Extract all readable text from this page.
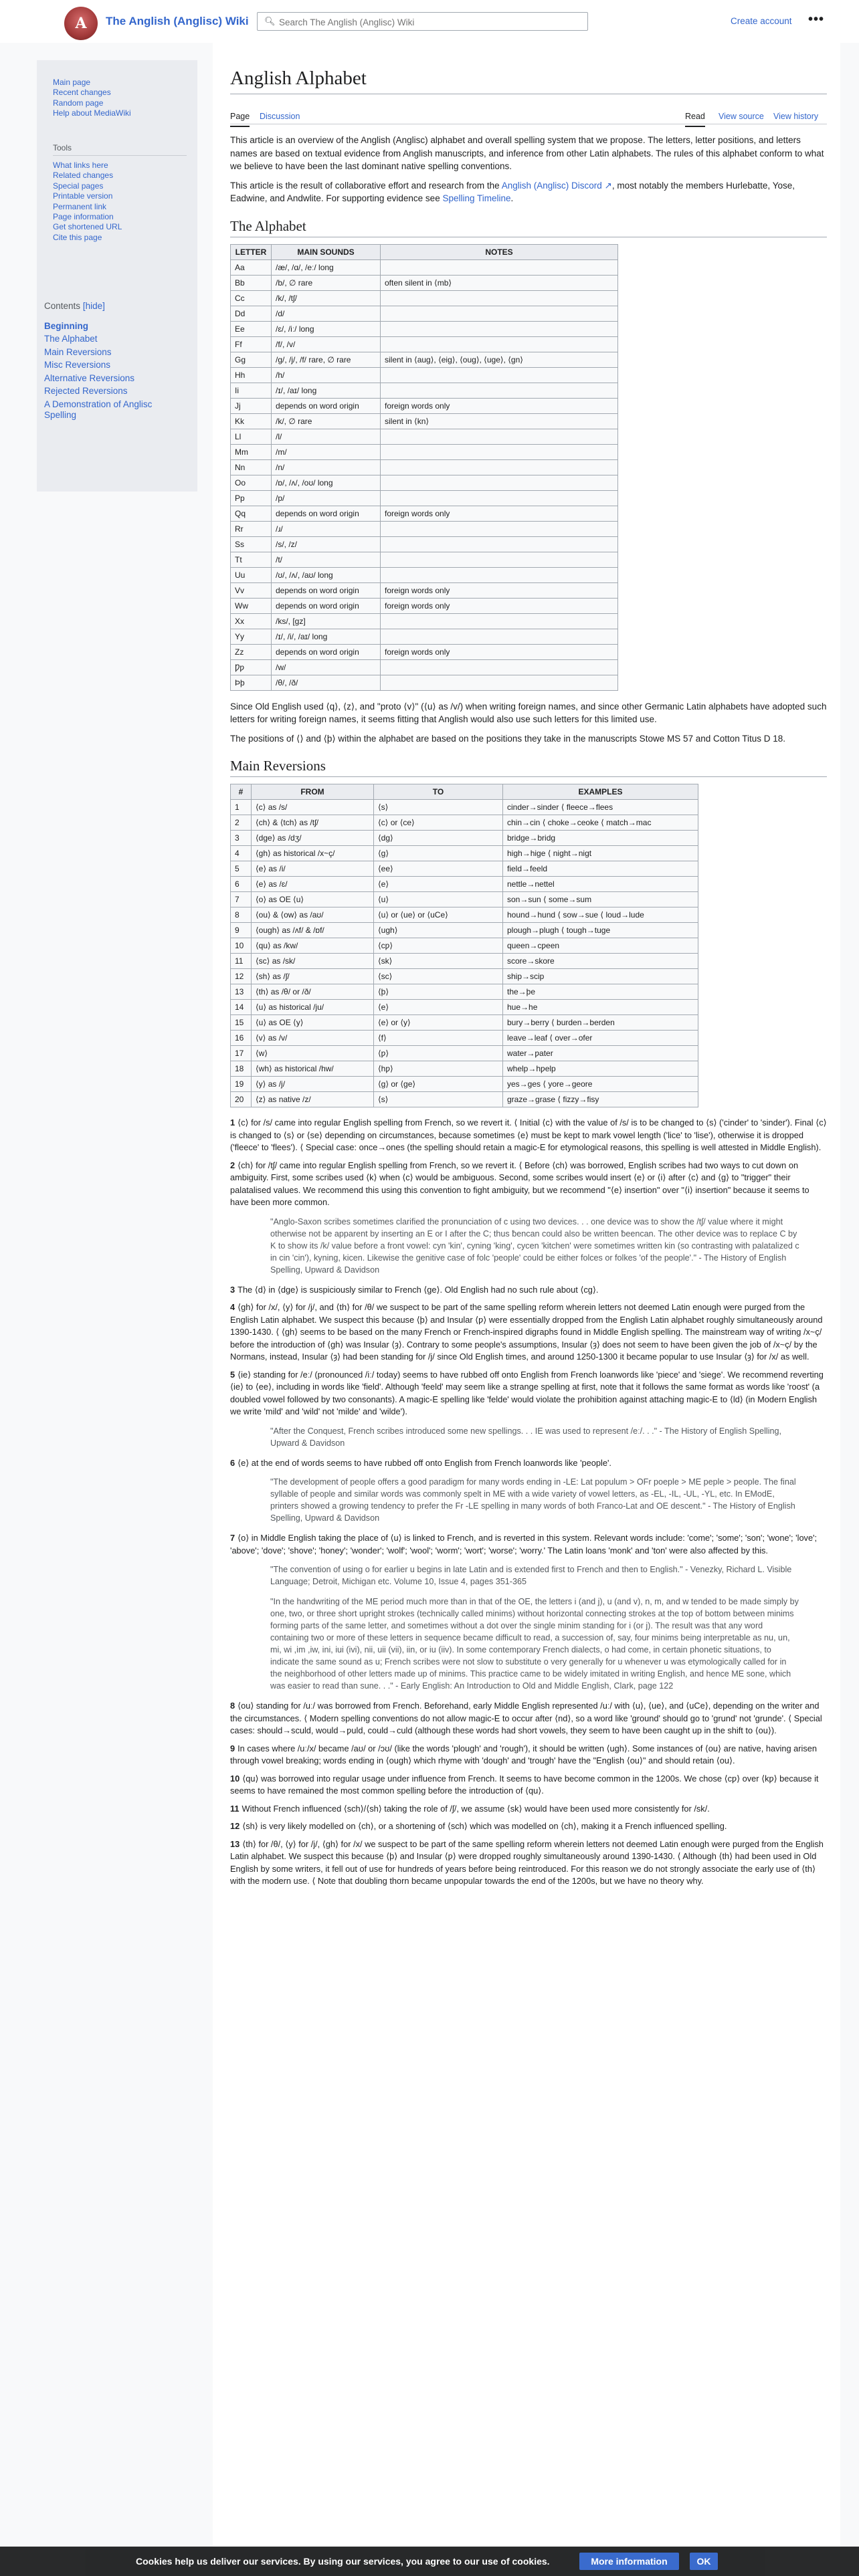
A	The Anglish (Anglisc) Wiki 🔍︎
Search The Anglish (Anglisc) Wiki	Create account •••
Main page
Recent changes
Random page
Help about MediaWiki
Tools
What links here
Related changes
Special pages
Printable version
Permanent link
Page information
Get shortened URL
Cite this page
Contents [hide]
Beginning
The Alphabet
Main Reversions
Misc Reversions
Alternative Reversions
Rejected Reversions
A Demonstration of Anglisc Spelling
Anglish Alphabet
Page Discussion	Read View source View history

This article is an overview of the Anglish (Anglisc) alphabet and overall spelling system that we propose. The letters, letter positions, and letters names are based on textual evidence from Anglish manuscripts, and inference from other Latin alphabets. The rules of this alphabet conform to what we believe to have been the last dominant native spelling conventions.

This article is the result of collaborative effort and research from the Anglish (Anglisc) Discord ↗, most notably the members Hurlebatte, Yose, Eadwine, and Andwlite. For supporting evidence see Spelling Timeline.

The Alphabet
LETTER	MAIN SOUNDS	NOTES
Aa	/æ/, /ɑ/, /eː/ long	
Bb	/b/, ∅ rare	often silent in ⟨mb⟩
Cc	/k/, /tʃ/	
Dd	/d/	
Ee	/ɛ/, /iː/ long	
Ff	/f/, /v/	
Gg	/g/, /j/, /f/ rare, ∅ rare	silent in ⟨aug⟩, ⟨eig⟩, ⟨oug⟩, ⟨uge⟩, ⟨gn⟩
Hh	/h/	
Ii	/ɪ/, /aɪ/ long	
Jj	depends on word origin	foreign words only
Kk	/k/, ∅ rare	silent in ⟨kn⟩
Ll	/l/	
Mm	/m/	
Nn	/n/	
Oo	/ɒ/, /ʌ/, /oʊ/ long	
Pp	/p/	
Qq	depends on word origin	foreign words only
Rr	/ɹ/	
Ss	/s/, /z/	
Tt	/t/	
Uu	/ʊ/, /ʌ/, /aʊ/ long	
Vv	depends on word origin	foreign words only
Ww	depends on word origin	foreign words only
Xx	/ks/, [gz]	
Yy	/ɪ/, /i/, /aɪ/ long	
Zz	depends on word origin	foreign words only
Ƿƿ	/w/	
Þþ	/θ/, /ð/	

Since Old English used ⟨q⟩, ⟨z⟩, and "proto ⟨v⟩" (⟨u⟩ as /v/) when writing foreign names, and since other Germanic Latin alphabets have adopted such letters for writing foreign names, it seems fitting that Anglish would also use such letters for this limited use.

The positions of ⟨⟩ and ⟨þ⟩ within the alphabet are based on the positions they take in the manuscripts Stowe MS 57 and Cotton Titus D 18.

Main Reversions
#	FROM	TO	EXAMPLES
1	⟨c⟩ as /s/	⟨s⟩	cinder→sinder ⟨ fleece→flees
2	⟨ch⟩ & ⟨tch⟩ as /tʃ/	⟨c⟩ or ⟨ce⟩	chin→cin ⟨ choke→ceoke ⟨ match→mac
3	⟨dge⟩ as /dʒ/	⟨dg⟩	bridge→bridg
4	⟨gh⟩ as historical /x~ç/	⟨g⟩	high→hige ⟨ night→nigt
5	⟨e⟩ as /i/	⟨ee⟩	field→feeld
6	⟨e⟩ as /ɛ/	⟨e⟩	nettle→nettel
7	⟨o⟩ as OE ⟨u⟩	⟨u⟩	son→sun ⟨ some→sum
8	⟨ou⟩ & ⟨ow⟩ as /aʊ/	⟨u⟩ or ⟨ue⟩ or ⟨uCe⟩	hound→hund ⟨ sow→sue ⟨ loud→lude
9	⟨ough⟩ as /ʌf/ & /ɒf/	⟨ugh⟩	plough→plugh ⟨ tough→tuge
10	⟨qu⟩ as /kw/	⟨cƿ⟩	queen→cƿeen
11	⟨sc⟩ as /sk/	⟨sk⟩	score→skore
12	⟨sh⟩ as /ʃ/	⟨sc⟩	ship→scip
13	⟨th⟩ as /θ/ or /ð/	⟨þ⟩	the→þe
14	⟨u⟩ as historical /ju/	⟨e⟩	hue→he
15	⟨u⟩ as OE ⟨y⟩	⟨e⟩ or ⟨y⟩	bury→berry ⟨ burden→berden
16	⟨v⟩ as /v/	⟨f⟩	leave→leaf ⟨ over→ofer
17	⟨w⟩	⟨ƿ⟩	water→ƿater
18	⟨wh⟩ as historical /hw/	⟨hƿ⟩	whelp→hƿelp
19	⟨y⟩ as /j/	⟨g⟩ or ⟨ge⟩	yes→ges ⟨ yore→geore
20	⟨z⟩ as native /z/	⟨s⟩	graze→grase ⟨ fizzy→fisy

1 ⟨c⟩ for /s/ came into regular English spelling from French, so we revert it. ⟨ Initial ⟨c⟩ with the value of /s/ is to be changed to ⟨s⟩ ('cinder' to 'sinder'). Final ⟨c⟩ is changed to ⟨s⟩ or ⟨se⟩ depending on circumstances, because sometimes ⟨e⟩ must be kept to mark vowel length ('lice' to 'lise'), otherwise it is dropped ('fleece' to 'flees'). ⟨ Special case: once→ones (the spelling should retain a magic-E for etymological reasons, this spelling is well attested in Middle English).

2 ⟨ch⟩ for /tʃ/ came into regular English spelling from French, so we revert it. ⟨ Before ⟨ch⟩ was borrowed, English scribes had two ways to cut down on ambiguity. First, some scribes used ⟨k⟩ when ⟨c⟩ would be ambiguous. Second, some scribes would insert ⟨e⟩ or ⟨i⟩ after ⟨c⟩ and ⟨g⟩ to "trigger" their palatalised values. We recommend this using this convention to fight ambiguity, but we recommend "⟨e⟩ insertion" over "⟨i⟩ insertion" because it seems to have been more common.

"Anglo-Saxon scribes sometimes clarified the pronunciation of c using two devices. . . one device was to show the /tʃ/ value where it might otherwise not be apparent by inserting an E or I after the C; thus ƀencan could also be written ƀeencan. The other device was to replace C by K to show its /k/ value before a front vowel: cyn 'kin', cyning 'king', cycen 'kitchen' were sometimes written kin (so contrasting with palatalized c in cin 'cin'), kyning, kicen. Likewise the genitive case of folc 'people' could be either folces or folkes 'of the people'." - The History of English Spelling, Upward & Davidson

3 The ⟨d⟩ in ⟨dge⟩ is suspiciously similar to French ⟨ge⟩. Old English had no such rule about ⟨cg⟩.

4 ⟨gh⟩ for /x/, ⟨y⟩ for /j/, and ⟨th⟩ for /θ/ we suspect to be part of the same spelling reform wherein letters not deemed Latin enough were purged from the English Latin alphabet. We suspect this because ⟨þ⟩ and Insular ⟨ƿ⟩ were essentially dropped from the English Latin alphabet roughly simultaneously around 1390-1430. ⟨ ⟨gh⟩ seems to be based on the many French or French-inspired digraphs found in Middle English spelling. The mainstream way of writing /x~ç/ before the introduction of ⟨gh⟩ was Insular ⟨ȝ⟩. Contrary to some people's assumptions, Insular ⟨ȝ⟩ does not seem to have been given the job of /x~ç/ by the Normans, instead, Insular ⟨ȝ⟩ had been standing for /j/ since Old English times, and around 1250-1300 it became popular to use Insular ⟨ȝ⟩ for /x/ as well.

5 ⟨ie⟩ standing for /eː/ (pronounced /iː/ today) seems to have rubbed off onto English from French loanwords like 'piece' and 'siege'. We recommend reverting ⟨ie⟩ to ⟨ee⟩, including in words like 'field'. Although 'feeld' may seem like a strange spelling at first, note that it follows the same format as words like 'roost' (a doubled vowel followed by two consonants). A magic-E spelling like 'felde' would violate the prohibition against attaching magic-E to ⟨ld⟩ (in Modern English we write 'mild' and 'wild' not 'milde' and 'wilde').

"After the Conquest, French scribes introduced some new spellings. . . IE was used to represent /eː/. . ." - The History of English Spelling, Upward & Davidson

6 ⟨e⟩ at the end of words seems to have rubbed off onto English from French loanwords like 'people'.

"The development of people offers a good paradigm for many words ending in -LE: Lat populum > OFr poeple > ME peple > people. The final syllable of people and similar words was commonly spelt in ME with a wide variety of vowel letters, as -EL, -IL, -UL, -YL, etc. In EModE, printers showed a growing tendency to prefer the Fr -LE spelling in many words of both Franco-Lat and OE descent." - The History of English Spelling, Upward & Davidson

7 ⟨o⟩ in Middle English taking the place of ⟨u⟩ is linked to French, and is reverted in this system. Relevant words include: 'come'; 'some'; 'son'; 'wone'; 'love'; 'above'; 'dove'; 'shove'; 'honey'; 'wonder'; 'wolf'; 'wool'; 'worm'; 'wort'; 'worse'; 'worry.' The Latin loans 'monk' and 'ton' were also affected by this.

"The convention of using o for earlier u begins in late Latin and is extended first to French and then to English." - Venezky, Richard L. Visible Language; Detroit, Michigan etc. Volume 10, Issue 4, pages 351-365
"In the handwriting of the ME period much more than in that of the OE, the letters i (and j), u (and v), n, m, and w tended to be made simply by one, two, or three short upright strokes (technically called minims) without horizontal connecting strokes at the top of bottom between minims forming parts of the same letter, and sometimes without a dot over the single minim standing for i (or j). The result was that any word containing two or more of these letters in sequence became difficult to read, a succession of, say, four minims being interpretable as nu, un, mi, wi ,im ,iw, ini, iui (ivi), nii, uii (vii), iin, or iu (iiv). In some contemporary French dialects, o had come, in certain phonetic situations, to indicate the same sound as u; French scribes were not slow to substitute o very generally for u whenever u was etymologically called for in the neighborhood of other letters made up of minims. This practice came to be widely imitated in writing English, and hence ME sone, which was easier to read than sune. . ." - Early English: An Introduction to Old and Middle English, Clark, page 122

8 ⟨ou⟩ standing for /uː/ was borrowed from French. Beforehand, early Middle English represented /uː/ with ⟨u⟩, ⟨ue⟩, and ⟨uCe⟩, depending on the writer and the circumstances. ⟨ Modern spelling conventions do not allow magic-E to occur after ⟨nd⟩, so a word like 'ground' should go to 'grund' not 'grunde'. ⟨ Special cases: should→sculd, would→ƿuld, could→culd (although these words had short vowels, they seem to have been caught up in the shift to ⟨ou⟩).

9 In cases where /uː/x/ became /aʊ/ or /ɔʊ/ (like the words 'plough' and 'rough'), it should be written ⟨ugh⟩. Some instances of ⟨ou⟩ are native, having arisen through vowel breaking; words ending in ⟨ough⟩ which rhyme with 'dough' and 'trough' have the "English ⟨ou⟩" and should retain ⟨ou⟩.

10 ⟨qu⟩ was borrowed into regular usage under influence from French. It seems to have become common in the 1200s. We chose ⟨cƿ⟩ over ⟨kƿ⟩ because it seems to have remained the most common spelling before the introduction of ⟨qu⟩.

11 Without French influenced ⟨sch⟩/⟨sh⟩ taking the role of /ʃ/, we assume ⟨sk⟩ would have been used more consistently for /sk/.

12 ⟨sh⟩ is very likely modelled on ⟨ch⟩, or a shortening of ⟨sch⟩ which was modelled on ⟨ch⟩, making it a French influenced spelling.

13 ⟨th⟩ for /θ/, ⟨y⟩ for /j/, ⟨gh⟩ for /x/ we suspect to be part of the same spelling reform wherein letters not deemed Latin enough were purged from the English Latin alphabet. We suspect this because ⟨þ⟩ and Insular ⟨ƿ⟩ were dropped roughly simultaneously around 1390-1430. ⟨ Although ⟨th⟩ had been used in Old English by some writers, it fell out of use for hundreds of years before being reintroduced. For this reason we do not strongly associate the early use of ⟨th⟩ with the modern use. ⟨ Note that doubling thorn became unpopular towards the end of the 1200s, but we have no theory why.

Cookies help us deliver our services. By using our services, you agree to our use of cookies.	More information	OK
